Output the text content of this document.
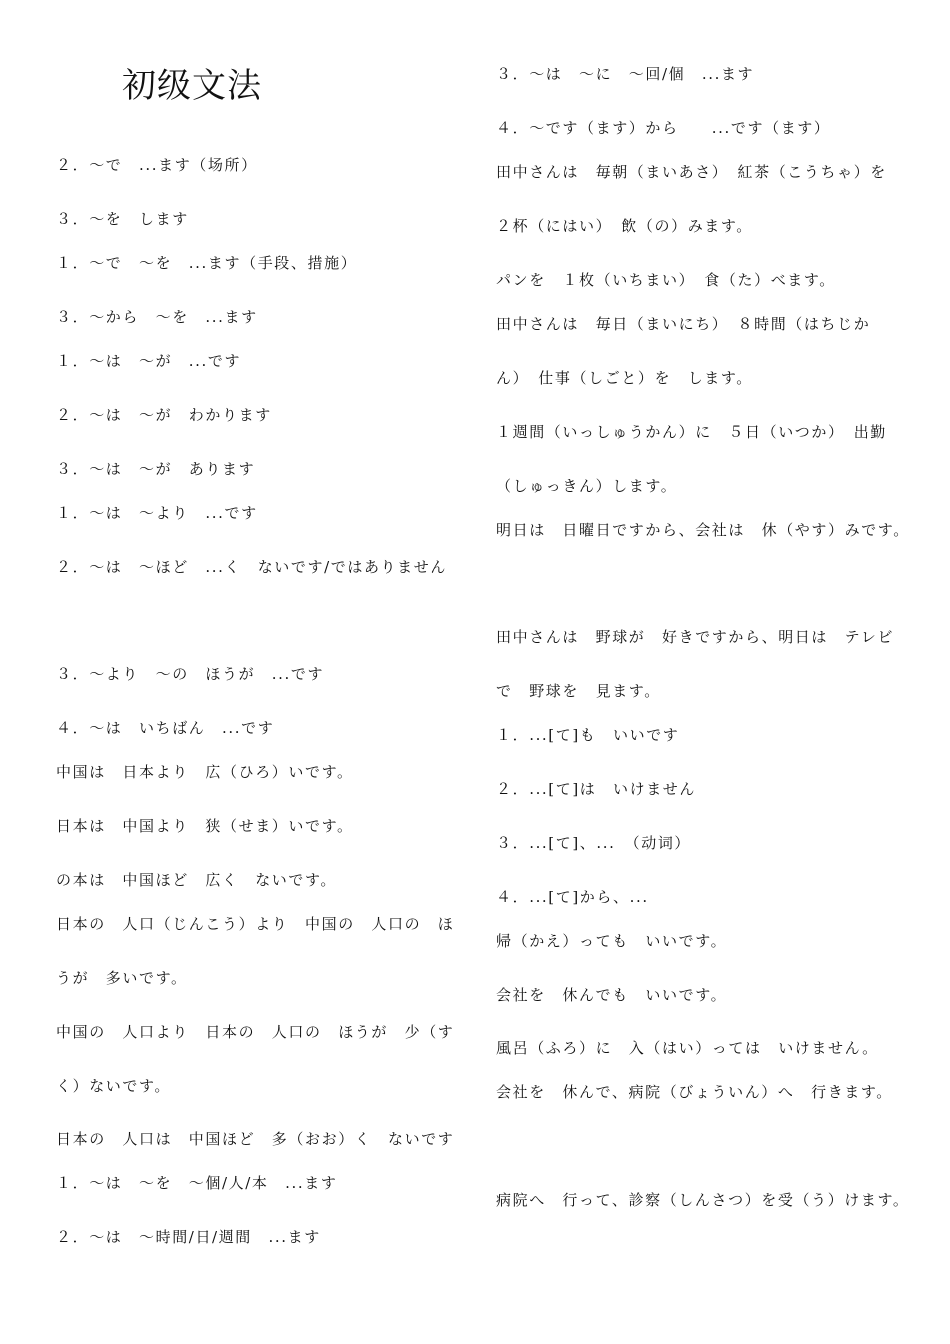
初级文法
２．～で　...ます（场所）
３．～を　します
１．～で　～を　...ます（手段、措施）
３．～から　～を　...ます
１．～は　～が　...です
２．～は　～が　わかります
３．～は　～が　あります
１．～は　～より　...です
２．～は　～ほど　...く　ないです/ではありません
３．～より　～の　ほうが　...です
４．～は　いちばん　...です
中国は　日本より　広（ひろ）いです。
日本は　中国より　狭（せま）いです。
の本は　中国ほど　広く　ないです。
日本の　人口（じんこう）より　中国の　人口の　ほ
うが　多いです。
中国の　人口より　日本の　人口の　ほうが　少（す
く）ないです。
日本の　人口は　中国ほど　多（おお）く　ないです
１．～は　～を　～個/人/本　...ます
２．～は　～時間/日/週間　...ます
３．～は　～に　～回/個　...ます
４．～です（ます）から　　...です（ます）
田中さんは　毎朝（まいあさ）　紅茶（こうちゃ）を
２杯（にはい）　飲（の）みます。
パンを　１枚（いちまい）　食（た）べます。
田中さんは　毎日（まいにち）　８時間（はちじか
ん）　仕事（しごと）を　します。
１週間（いっしゅうかん）に　５日（いつか）　出勤
（しゅっきん）します。
明日は　日曜日ですから、会社は　休（やす）みです。
田中さんは　野球が　好きですから、明日は　テレビ
で　野球を　見ます。
１．...[て]も　いいです
２．...[て]は　いけません
３．...[て]、...　（动词）
４．...[て]から、...
帰（かえ）っても　いいです。
会社を　休んでも　いいです。
風呂（ふろ）に　入（はい）っては　いけません。
会社を　休んで、病院（びょういん）へ　行きます。
病院へ　行って、診察（しんさつ）を受（う）けます。
